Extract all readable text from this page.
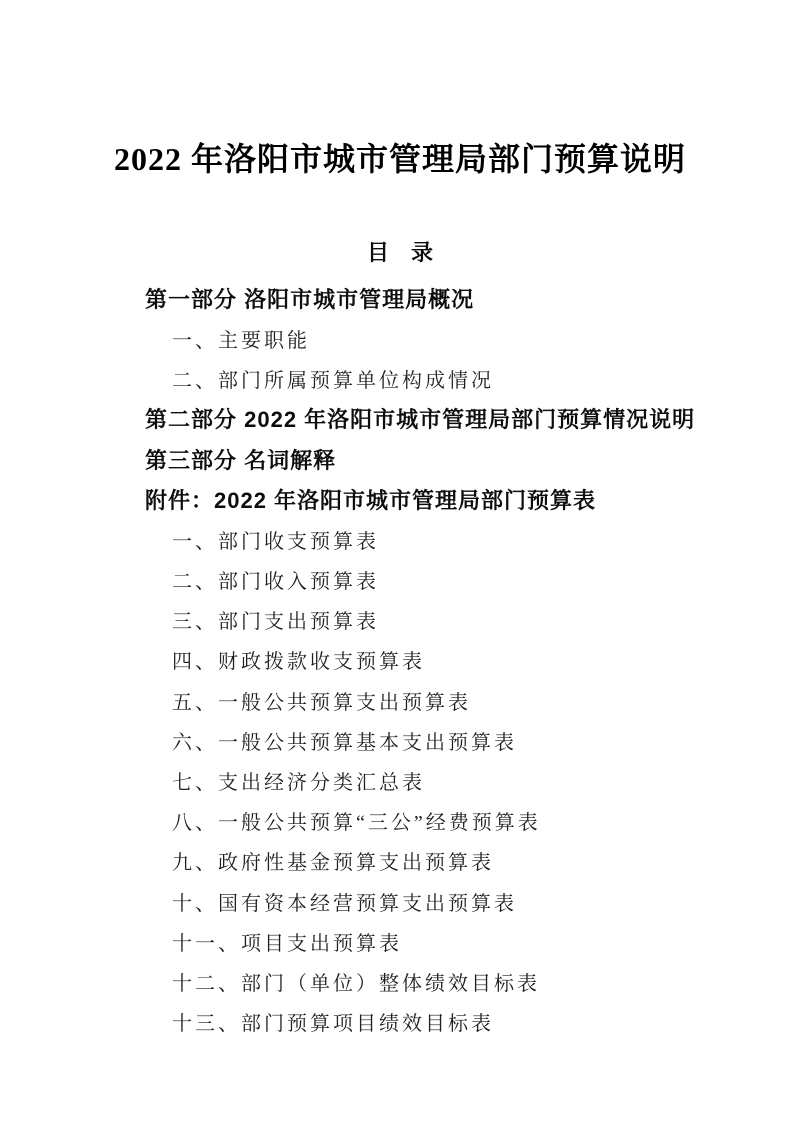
2022 年洛阳市城市管理局部门预算说明
目　录
第一部分 洛阳市城市管理局概况
一、主要职能
二、部门所属预算单位构成情况
第二部分 2022 年洛阳市城市管理局部门预算情况说明
第三部分 名词解释
附件：2022 年洛阳市城市管理局部门预算表
一、部门收支预算表
二、部门收入预算表
三、部门支出预算表
四、财政拨款收支预算表
五、一般公共预算支出预算表
六、一般公共预算基本支出预算表
七、支出经济分类汇总表
八、一般公共预算“三公”经费预算表
九、政府性基金预算支出预算表
十、国有资本经营预算支出预算表
十一、项目支出预算表
十二、部门（单位）整体绩效目标表
十三、部门预算项目绩效目标表
